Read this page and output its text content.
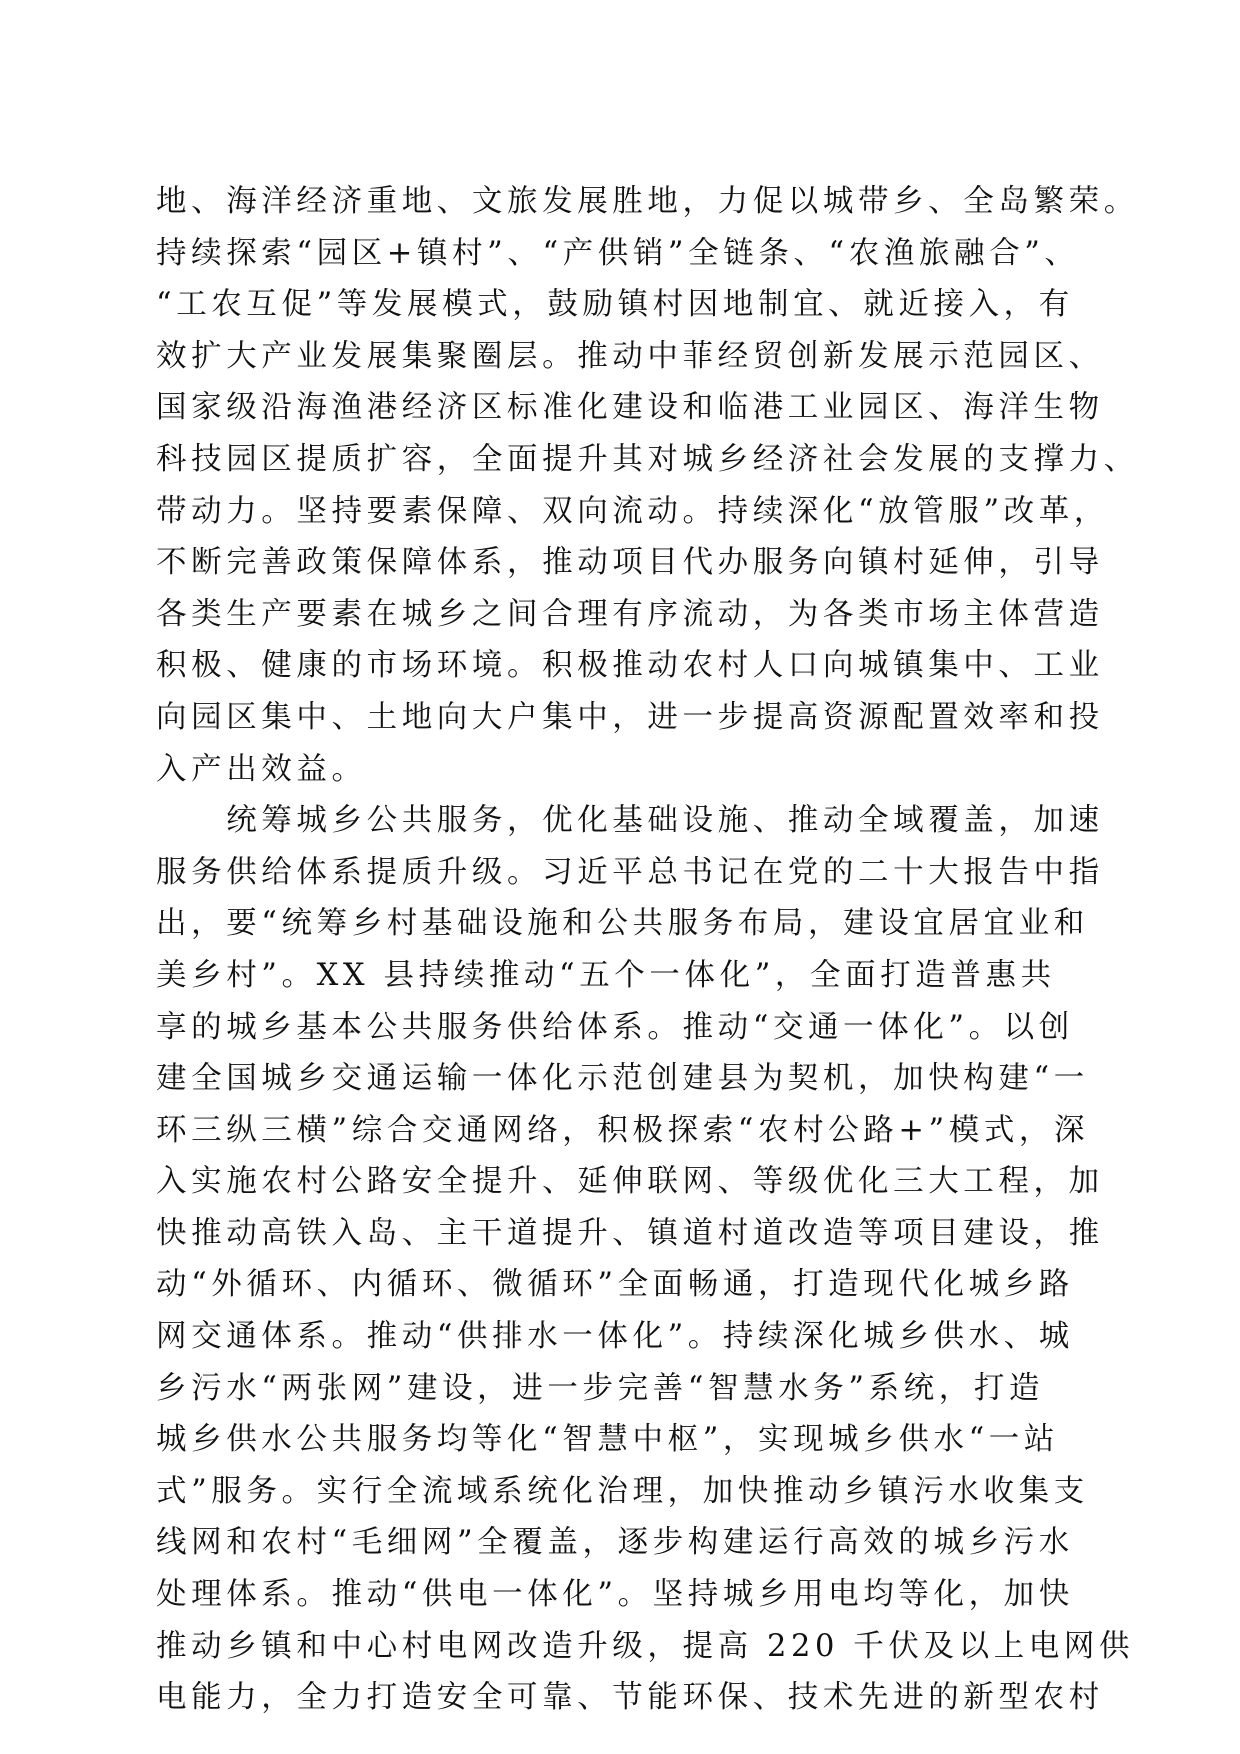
地、海洋经济重地、文旅发展胜地，力促以城带乡、全岛繁荣。
持续探索“园区+镇村”、“产供销”全链条、“农渔旅融合”、
“工农互促”等发展模式，鼓励镇村因地制宜、就近接入，有
效扩大产业发展集聚圈层。推动中菲经贸创新发展示范园区、
国家级沿海渔港经济区标准化建设和临港工业园区、海洋生物
科技园区提质扩容，全面提升其对城乡经济社会发展的支撑力、
带动力。坚持要素保障、双向流动。持续深化“放管服”改革，
不断完善政策保障体系，推动项目代办服务向镇村延伸，引导
各类生产要素在城乡之间合理有序流动，为各类市场主体营造
积极、健康的市场环境。积极推动农村人口向城镇集中、工业
向园区集中、土地向大户集中，进一步提高资源配置效率和投
入产出效益。
　　统筹城乡公共服务，优化基础设施、推动全域覆盖，加速
服务供给体系提质升级。习近平总书记在党的二十大报告中指
出，要“统筹乡村基础设施和公共服务布局，建设宜居宜业和
美乡村”。XX 县持续推动“五个一体化”，全面打造普惠共
享的城乡基本公共服务供给体系。推动“交通一体化”。以创
建全国城乡交通运输一体化示范创建县为契机，加快构建“一
环三纵三横”综合交通网络，积极探索“农村公路+”模式，深
入实施农村公路安全提升、延伸联网、等级优化三大工程，加
快推动高铁入岛、主干道提升、镇道村道改造等项目建设，推
动“外循环、内循环、微循环”全面畅通，打造现代化城乡路
网交通体系。推动“供排水一体化”。持续深化城乡供水、城
乡污水“两张网”建设，进一步完善“智慧水务”系统，打造
城乡供水公共服务均等化“智慧中枢”，实现城乡供水“一站
式”服务。实行全流域系统化治理，加快推动乡镇污水收集支
线网和农村“毛细网”全覆盖，逐步构建运行高效的城乡污水
处理体系。推动“供电一体化”。坚持城乡用电均等化，加快
推动乡镇和中心村电网改造升级，提高 220 千伏及以上电网供
电能力，全力打造安全可靠、节能环保、技术先进的新型农村
